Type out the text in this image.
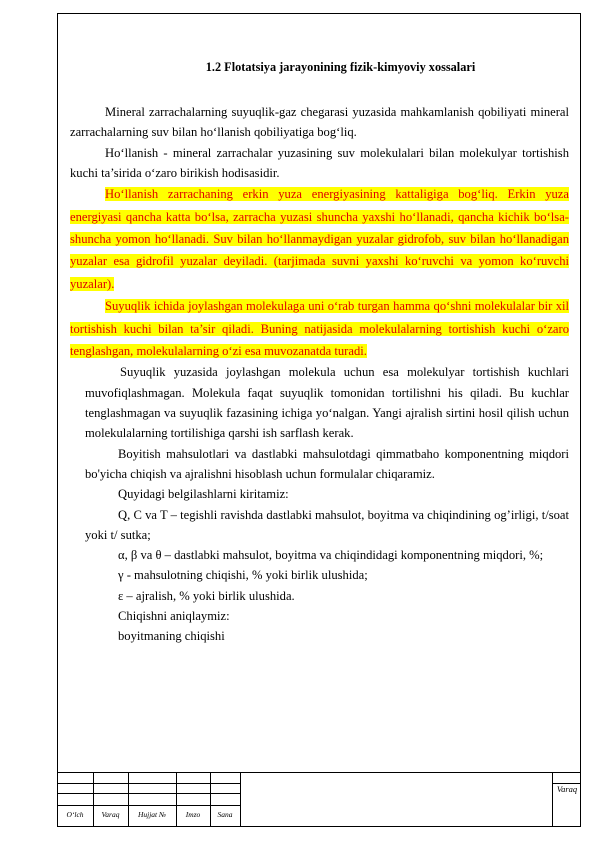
1.2 Flotatsiya jarayonining fizik-kimyoviy xossalari

Mineral zarrachalarning suyuqlik-gaz chegarasi yuzasida mahkamlanish qobiliyati mineral zarrachalarning suv bilan ho‘llanish qobiliyatiga bog‘liq.

Ho‘llanish - mineral zarrachalar yuzasining suv molekulalari bilan molekulyar tortishish kuchi ta’sirida o‘zaro birikish hodisasidir.

Ho‘llanish zarrachaning erkin yuza energiyasining kattaligiga bog‘liq. Erkin yuza energiyasi qancha katta bo‘lsa, zarracha yuzasi shuncha yaxshi ho‘llanadi, qancha kichik bo‘lsa-shuncha yomon ho‘llanadi. Suv bilan ho‘llanmaydigan yuzalar gidrofob, suv bilan ho‘llanadigan yuzalar esa gidrofil yuzalar deyiladi. (tarjimada suvni yaxshi ko‘ruvchi va yomon ko‘ruvchi yuzalar).

Suyuqlik ichida joylashgan molekulaga uni o‘rab turgan hamma qo‘shni molekulalar bir xil tortishish kuchi bilan ta’sir qiladi. Buning natijasida molekulalarning tortishish kuchi o‘zaro tenglashgan, molekulalarning o‘zi esa muvozanatda turadi.

Suyuqlik yuzasida joylashgan molekula uchun esa molekulyar tortishish kuchlari muvofiqlashmagan. Molekula faqat suyuqlik tomonidan tortilishni his qiladi. Bu kuchlar tenglashmagan va suyuqlik fazasining ichiga yo‘nalgan. Yangi ajralish sirtini hosil qilish uchun molekulalarning tortilishiga qarshi ish sarflash kerak.

Boyitish mahsulotlari va dastlabki mahsulotdagi qimmatbaho komponentning miqdori bo'yicha chiqish va ajralishni hisoblash uchun formulalar chiqaramiz.

Quyidagi belgilashlarni kiritamiz:

Q, C va T – tegishli ravishda dastlabki mahsulot, boyitma va chiqindining og’irligi, t/soat yoki t/ sutka;

α, β va θ – dastlabki mahsulot, boyitma va chiqindidagi komponentning miqdori, %;

γ - mahsulotning chiqishi, % yoki birlik ulushida;

ε – ajralish, % yoki birlik ulushida.

Chiqishni aniqlaymiz:

boyitmaning chiqishi

O‘lch	Varaq	Hujjat №	Imzo	Sana
Varaq
